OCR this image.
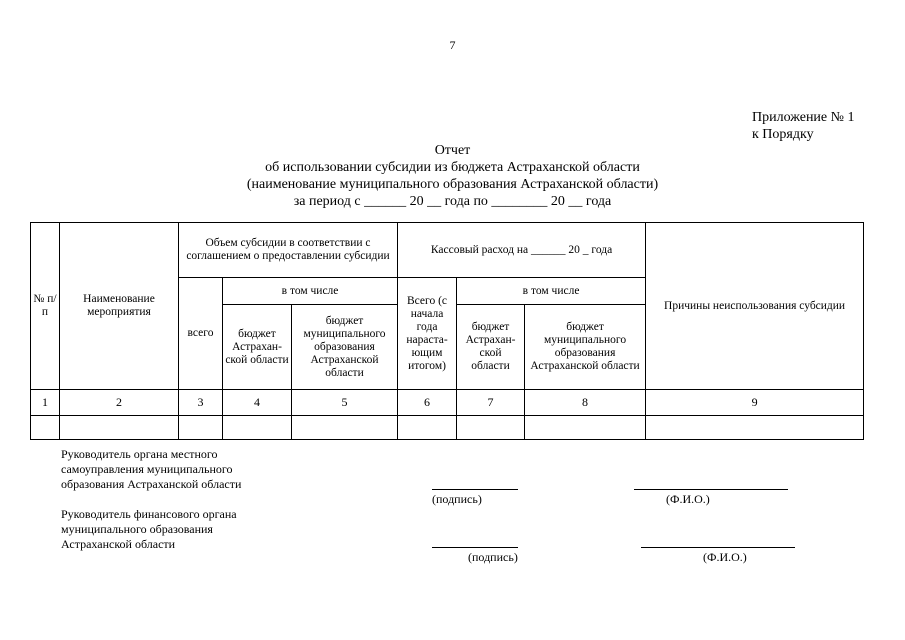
7
Приложение № 1
к Порядку
Отчет
об использовании субсидии из бюджета Астраханской области
(наименование муниципального образования Астраханской области)
за период с ______ 20 __ года по ________ 20 __ года
№ п/п	Наименование мероприятия	Объем субсидии в соответствии с соглашением о предоставлении субсидии			Кассовый расход на ______ 20 _ года			Причины неиспользования субсидии
		всего	в том числе		Всего (с начала года нараста-ющим итогом)	в том числе		
			бюджет Астрахан-ской области	бюджет муниципального образования Астраханской области		бюджет Астрахан-ской области	бюджет муниципального образования Астраханской области	
1	2	3	4	5	6	7	8	9

Руководитель органа местного
самоуправления муниципального
образования Астраханской области
(подпись)	(Ф.И.О.)
Руководитель финансового органа
муниципального образования
Астраханской области
(подпись)	(Ф.И.О.)
